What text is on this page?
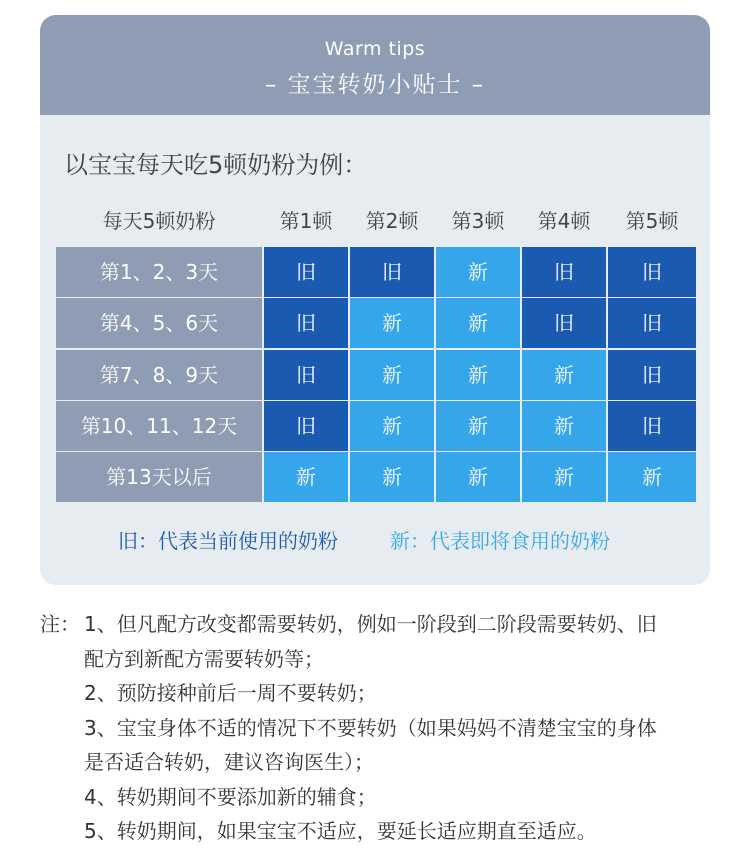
Warm tips
– 宝宝转奶小贴士 –
以宝宝每天吃5顿奶粉为例：
每天5顿奶粉	第1顿	第2顿	第3顿	第4顿	第5顿
第1、2、3天	旧	旧	新	旧	旧
第4、5、6天	旧	新	新	旧	旧
第7、8、9天	旧	新	新	新	旧
第10、11、12天	旧	新	新	新	旧
第13天以后	新	新	新	新	新
旧：代表当前使用的奶粉	新：代表即将食用的奶粉
注： 1、但凡配方改变都需要转奶，例如一阶段到二阶段需要转奶、旧
配方到新配方需要转奶等；
2、预防接种前后一周不要转奶；
3、宝宝身体不适的情况下不要转奶（如果妈妈不清楚宝宝的身体
是否适合转奶，建议咨询医生）；
4、转奶期间不要添加新的辅食；
5、转奶期间，如果宝宝不适应，要延长适应期直至适应。
